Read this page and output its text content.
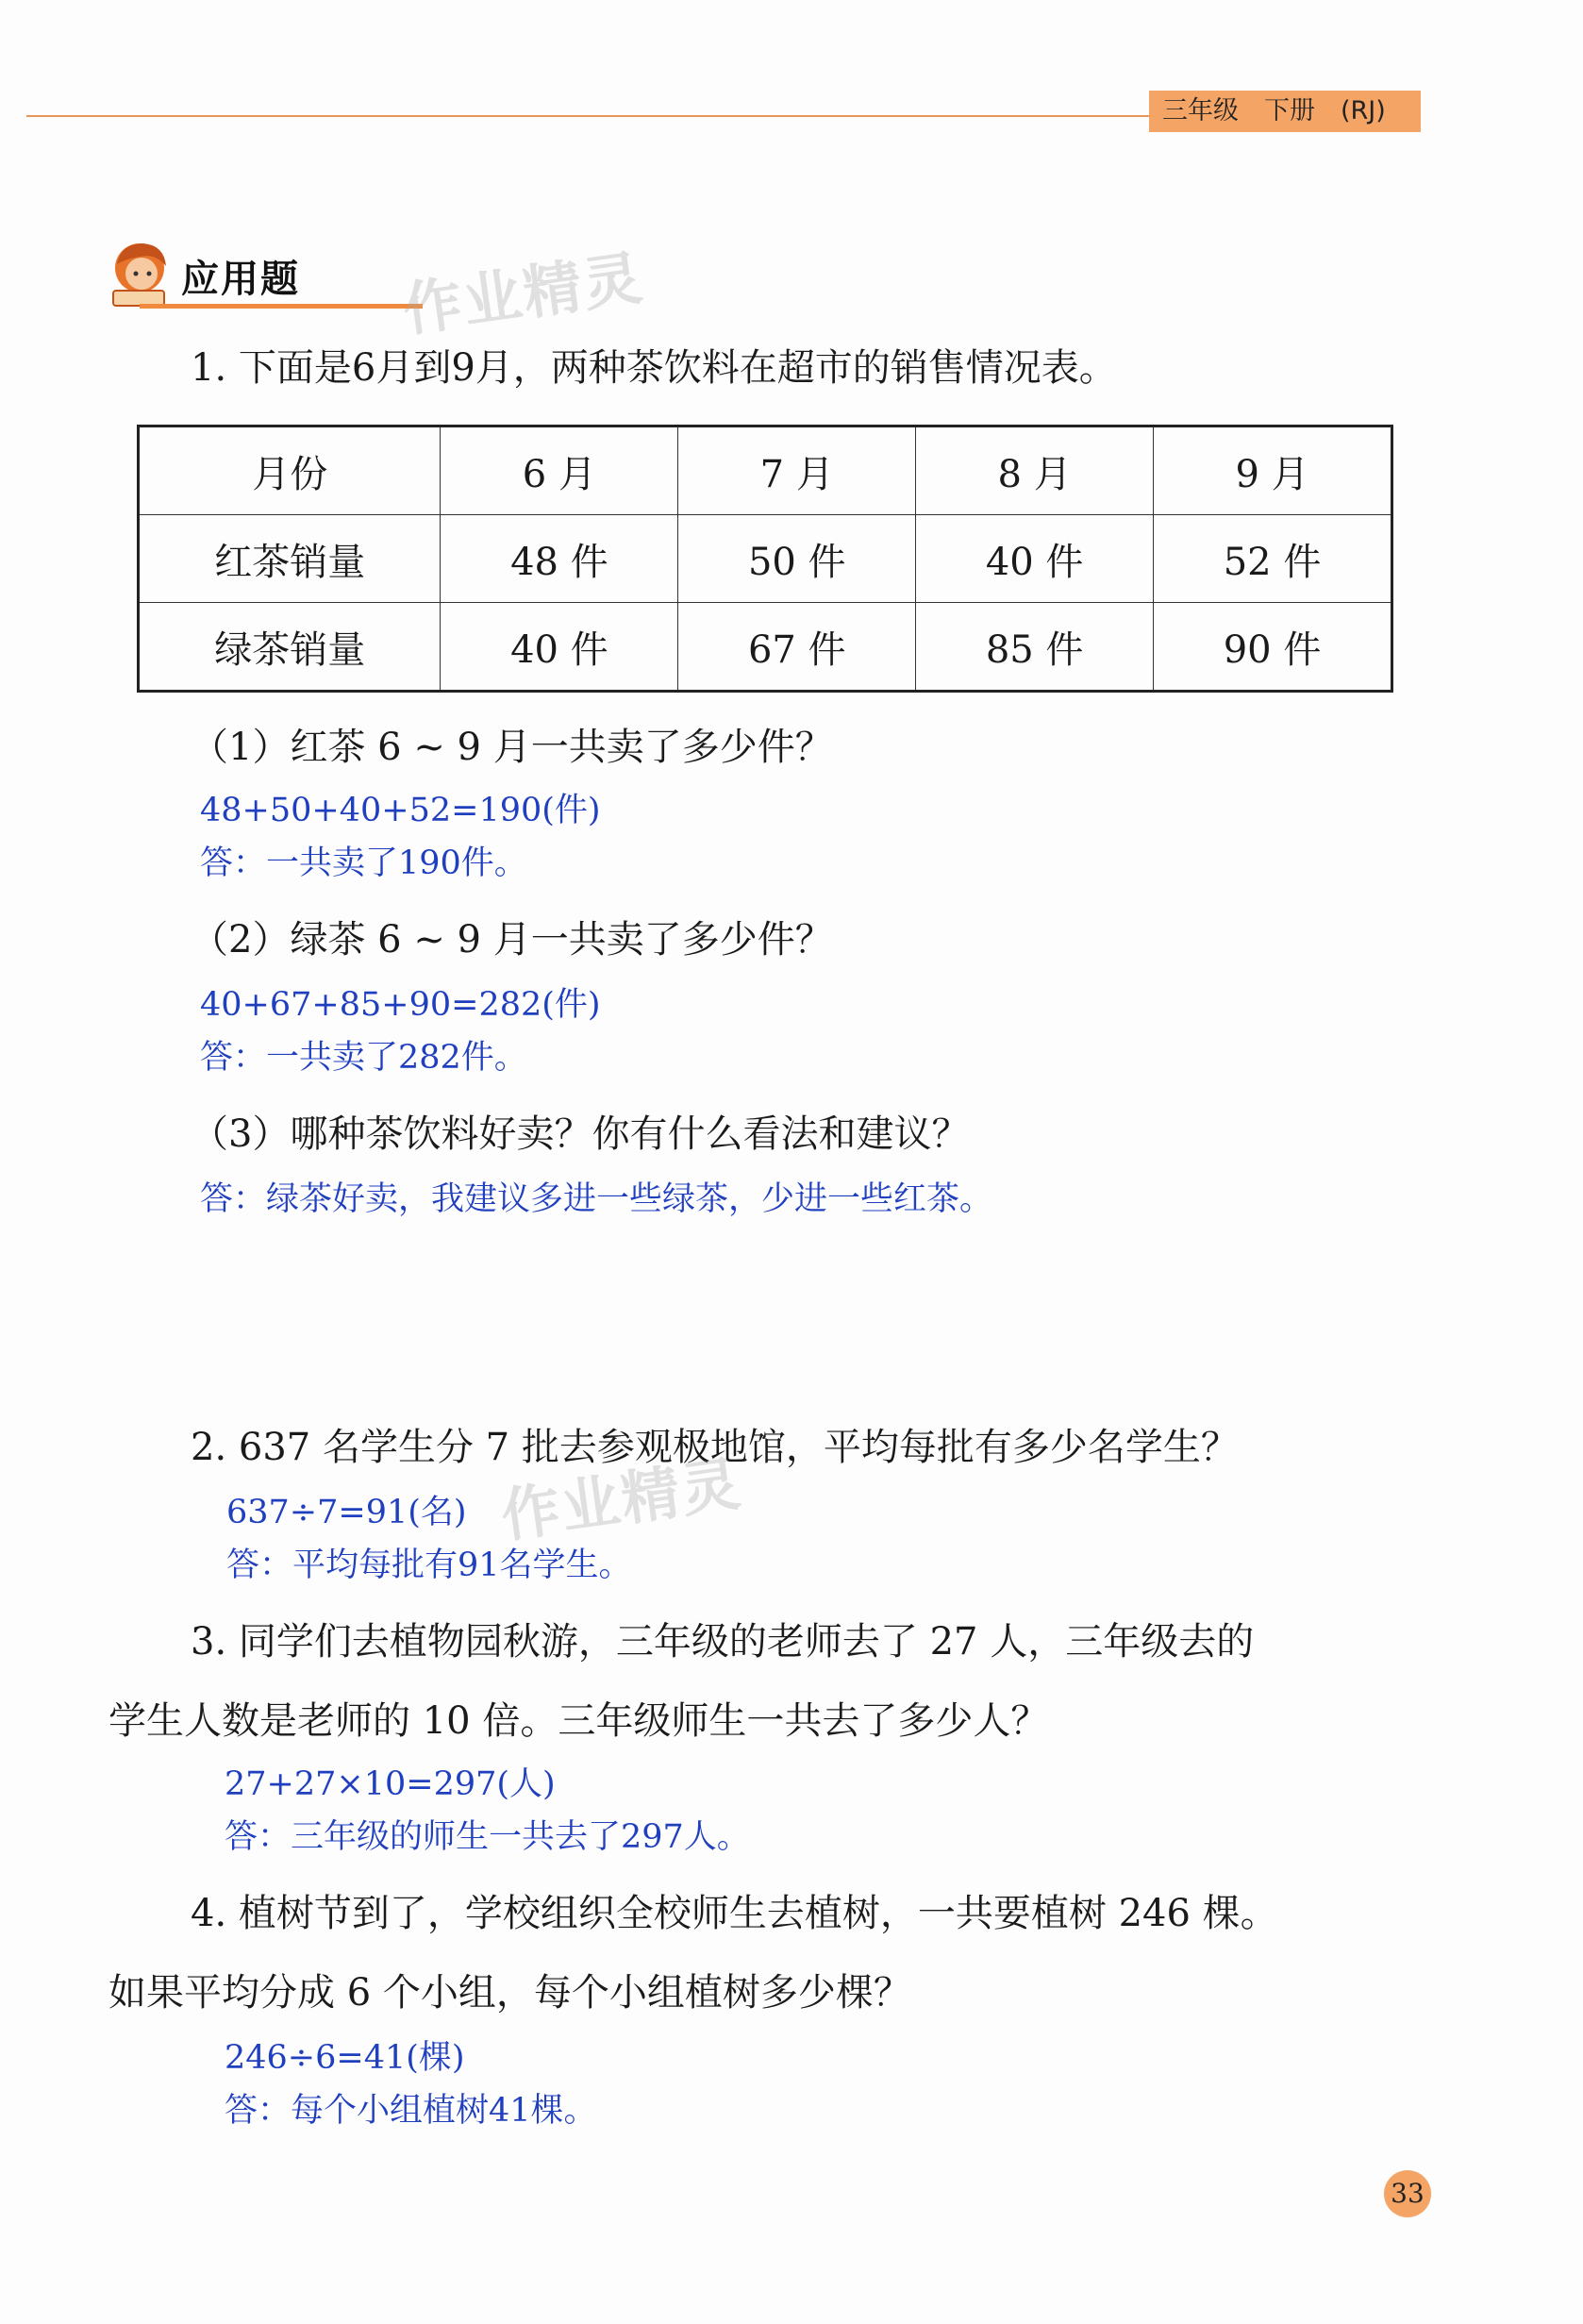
三年级　下册　(RJ)
应用题 作业精灵
1. 下面是6月到9月，两种茶饮料在超市的销售情况表。
月份	6 月	7 月	8 月	9 月
红茶销量	48 件	50 件	40 件	52 件
绿茶销量	40 件	67 件	85 件	90 件
（1）红茶 6 ~ 9 月一共卖了多少件？
48+50+40+52=190(件)
答：一共卖了190件。
（2）绿茶 6 ~ 9 月一共卖了多少件？
40+67+85+90=282(件)
答：一共卖了282件。
（3）哪种茶饮料好卖？你有什么看法和建议？
答：绿茶好卖，我建议多进一些绿茶，少进一些红茶。
2. 637 名学生分 7 批去参观极地馆，平均每批有多少名学生？
作业精灵
637÷7=91(名)
答：平均每批有91名学生。
3. 同学们去植物园秋游，三年级的老师去了 27 人，三年级去的
学生人数是老师的 10 倍。三年级师生一共去了多少人？
27+27×10=297(人)
答：三年级的师生一共去了297人。
4. 植树节到了，学校组织全校师生去植树，一共要植树 246 棵。
如果平均分成 6 个小组，每个小组植树多少棵？
246÷6=41(棵)
答：每个小组植树41棵。
33
